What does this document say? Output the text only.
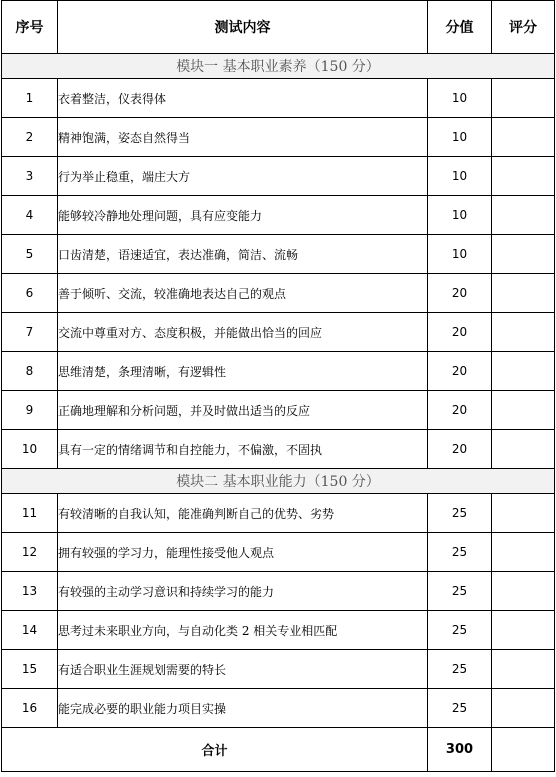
序号	测试内容	分值	评分
模块一 基本职业素养（150 分）			
1	衣着整洁，仪表得体	10	
2	精神饱满，姿态自然得当	10	
3	行为举止稳重，端庄大方	10	
4	能够较冷静地处理问题，具有应变能力	10	
5	口齿清楚，语速适宜，表达准确，简洁、流畅	10	
6	善于倾听、交流，较准确地表达自己的观点	20	
7	交流中尊重对方、态度积极，并能做出恰当的回应	20	
8	思维清楚，条理清晰，有逻辑性	20	
9	正确地理解和分析问题，并及时做出适当的反应	20	
10	具有一定的情绪调节和自控能力，不偏激，不固执	20	
模块二 基本职业能力（150 分）			
11	有较清晰的自我认知，能准确判断自己的优势、劣势	25	
12	拥有较强的学习力，能理性接受他人观点	25	
13	有较强的主动学习意识和持续学习的能力	25	
14	思考过未来职业方向，与自动化类 2 相关专业相匹配	25	
15	有适合职业生涯规划需要的特长	25	
16	能完成必要的职业能力项目实操	25	
合计		300	
